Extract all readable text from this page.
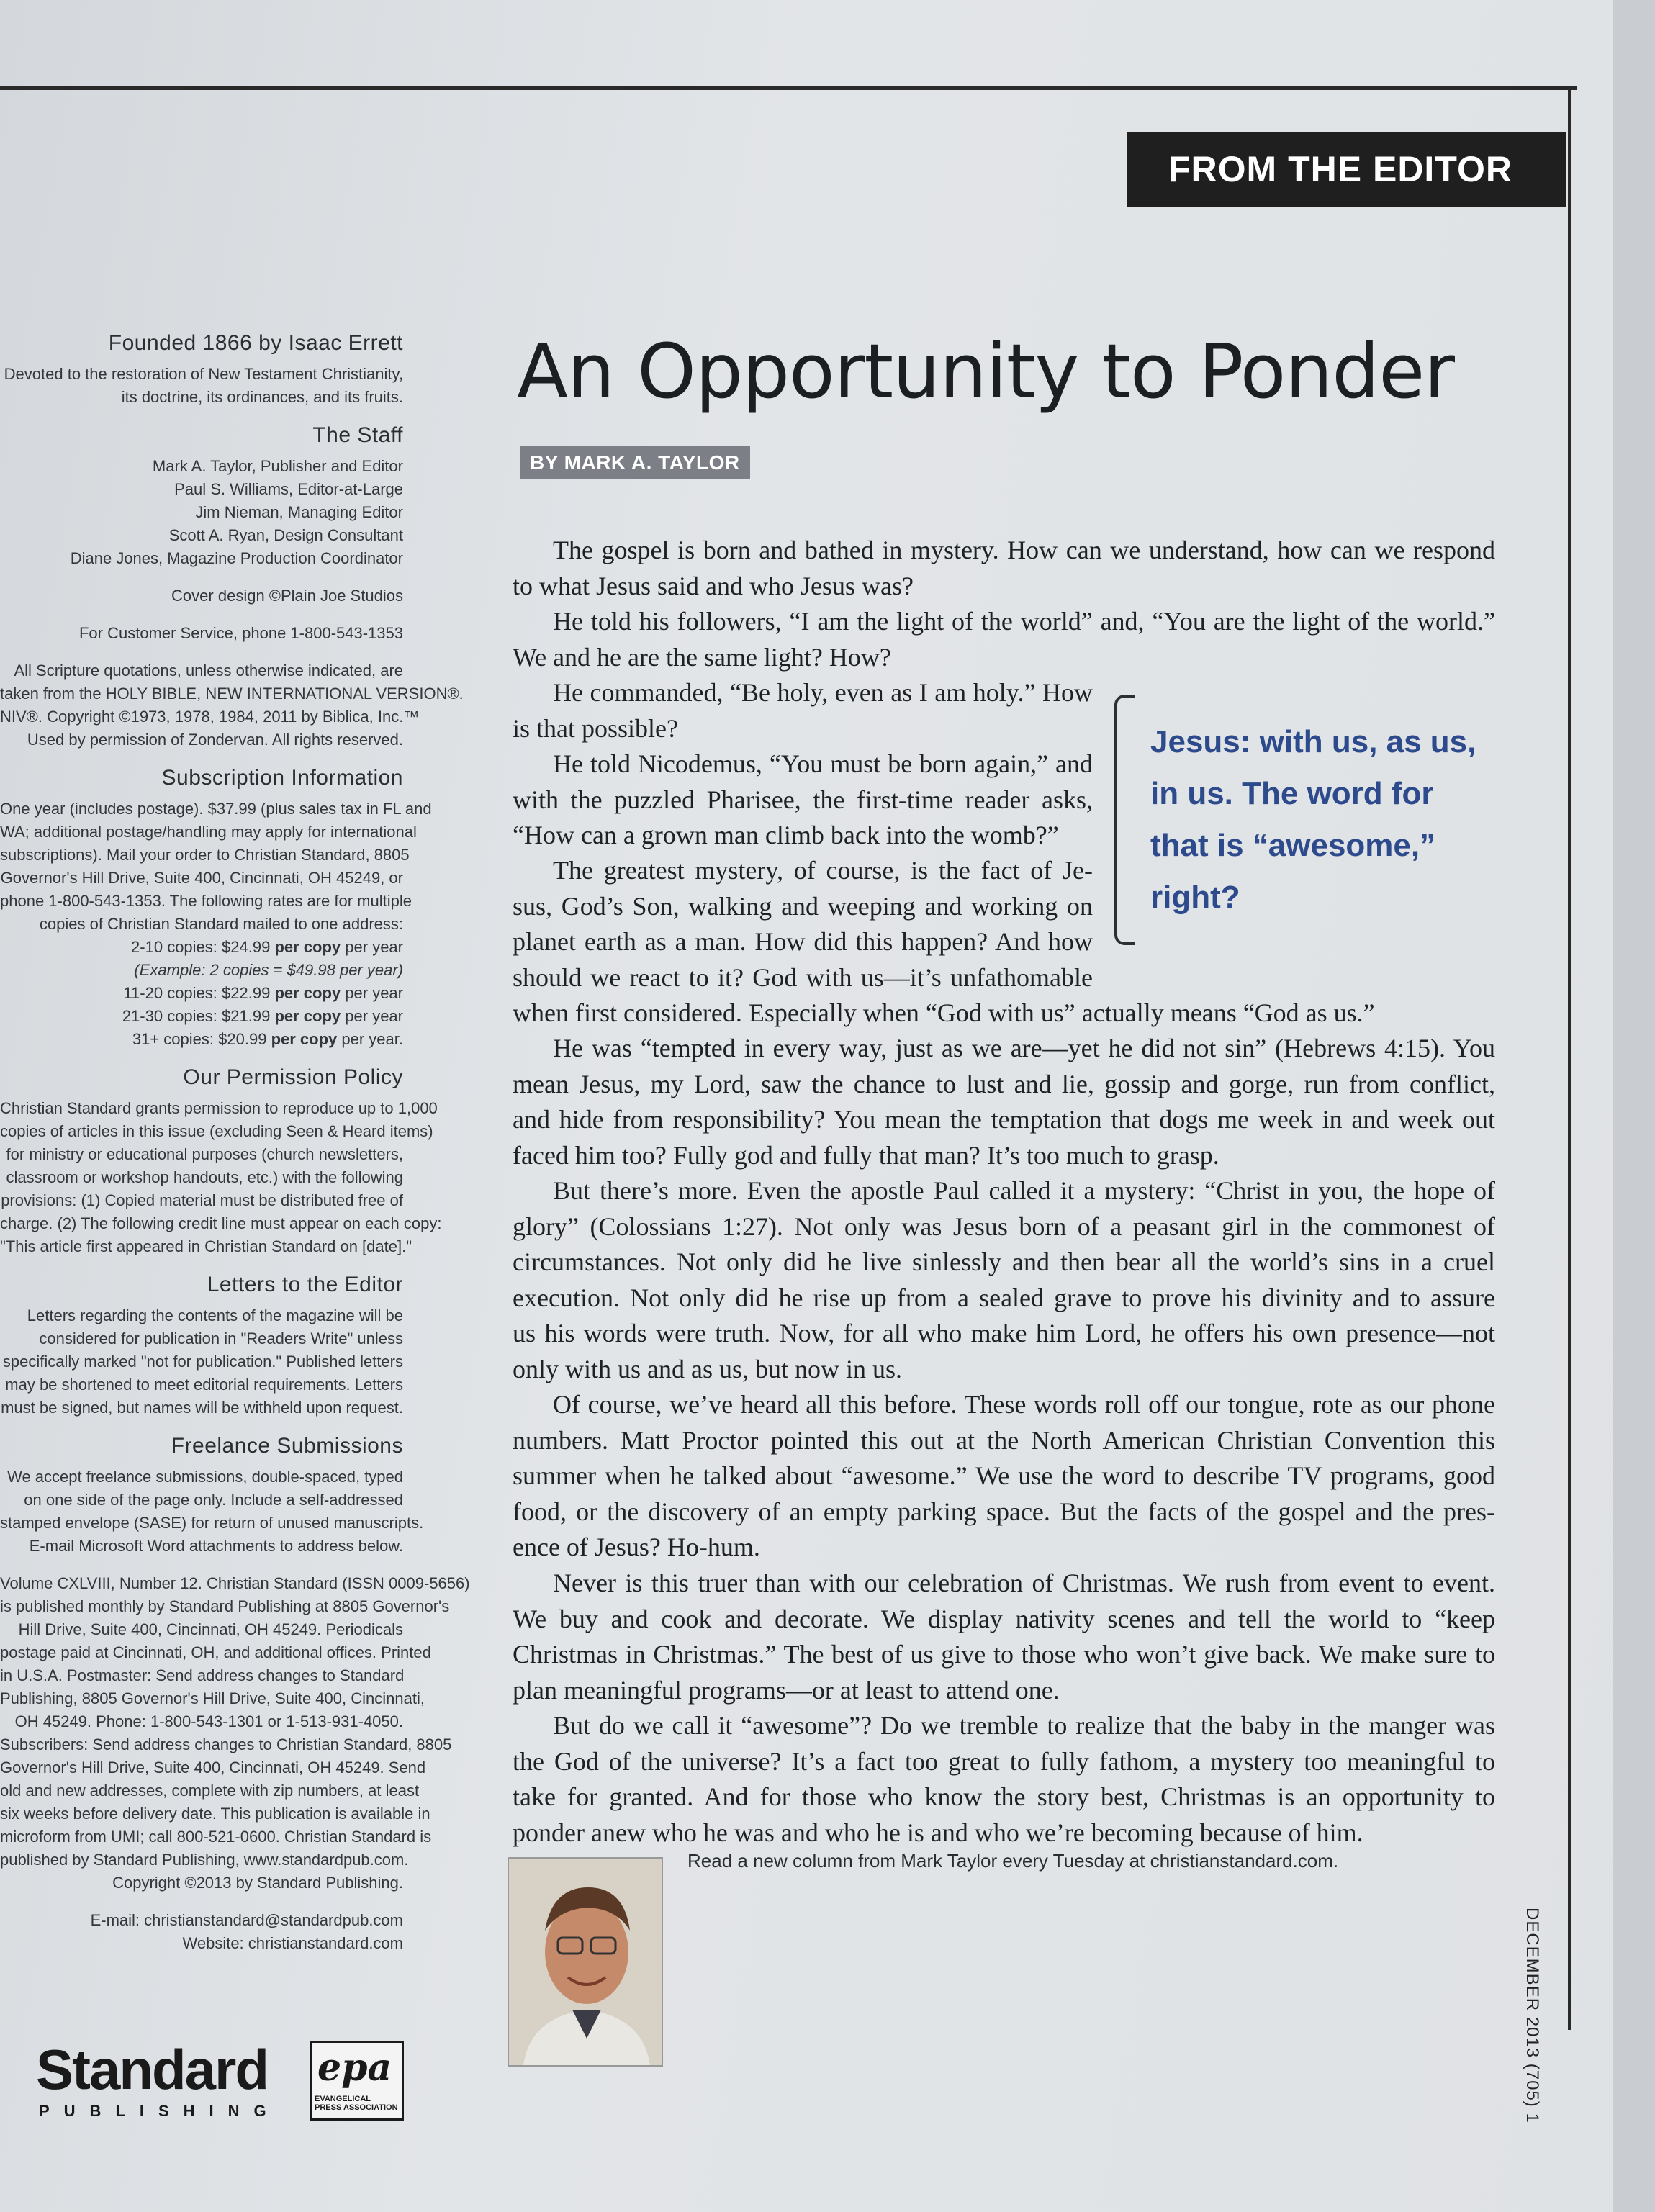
Founded 1866 by Isaac Errett
Devoted to the restoration of New Testament Christianity,
its doctrine, its ordinances, and its fruits.
The Staff
Mark A. Taylor, Publisher and Editor
Paul S. Williams, Editor-at-Large
Jim Nieman, Managing Editor
Scott A. Ryan, Design Consultant
Diane Jones, Magazine Production Coordinator
Cover design ©Plain Joe Studios
For Customer Service, phone 1-800-543-1353
All Scripture quotations, unless otherwise indicated, are
taken from the HOLY BIBLE, NEW INTERNATIONAL VERSION®.
NIV®. Copyright ©1973, 1978, 1984, 2011 by Biblica, Inc.™
Used by permission of Zondervan. All rights reserved.
Subscription Information
One year (includes postage). $37.99 (plus sales tax in FL and
WA; additional postage/handling may apply for international
subscriptions). Mail your order to Christian Standard, 8805
Governor's Hill Drive, Suite 400, Cincinnati, OH 45249, or
phone 1-800-543-1353. The following rates are for multiple
copies of Christian Standard mailed to one address:
2-10 copies: $24.99 per copy per year
(Example: 2 copies = $49.98 per year)
11-20 copies: $22.99 per copy per year
21-30 copies: $21.99 per copy per year
31+ copies: $20.99 per copy per year.
Our Permission Policy
Christian Standard grants permission to reproduce up to 1,000
copies of articles in this issue (excluding Seen & Heard items)
for ministry or educational purposes (church newsletters,
classroom or workshop handouts, etc.) with the following
provisions: (1) Copied material must be distributed free of
charge. (2) The following credit line must appear on each copy:
"This article first appeared in Christian Standard on [date]."
Letters to the Editor
Letters regarding the contents of the magazine will be
considered for publication in "Readers Write" unless
specifically marked "not for publication." Published letters
may be shortened to meet editorial requirements. Letters
must be signed, but names will be withheld upon request.
Freelance Submissions
We accept freelance submissions, double-spaced, typed
on one side of the page only. Include a self-addressed
stamped envelope (SASE) for return of unused manuscripts.
E-mail Microsoft Word attachments to address below.
Volume CXLVIII, Number 12. Christian Standard (ISSN 0009-5656)
is published monthly by Standard Publishing at 8805 Governor's
Hill Drive, Suite 400, Cincinnati, OH 45249. Periodicals
postage paid at Cincinnati, OH, and additional offices. Printed
in U.S.A. Postmaster: Send address changes to Standard
Publishing, 8805 Governor's Hill Drive, Suite 400, Cincinnati,
OH 45249. Phone: 1-800-543-1301 or 1-513-931-4050.
Subscribers: Send address changes to Christian Standard, 8805
Governor's Hill Drive, Suite 400, Cincinnati, OH 45249. Send
old and new addresses, complete with zip numbers, at least
six weeks before delivery date. This publication is available in
microform from UMI; call 800-521-0600. Christian Standard is
published by Standard Publishing, www.standardpub.com.
Copyright ©2013 by Standard Publishing.
E-mail: christianstandard@standardpub.com
Website: christianstandard.com
Standard
PUBLISHING
epa
EVANGELICAL
PRESS ASSOCIATION
FROM THE EDITOR
An Opportunity to Ponder
BY MARK A. TAYLOR
The gospel is born and bathed in mystery. How can we understand, how can we respond
to what Jesus said and who Jesus was?
He told his followers, “I am the light of the world” and, “You are the light of the world.”
We and he are the same light? How?
He commanded, “Be holy, even as I am holy.” How
is that possible?
He told Nicodemus, “You must be born again,” and
with the puzzled Pharisee, the first-time reader asks,
“How can a grown man climb back into the womb?”
The greatest mystery, of course, is the fact of Je-
sus, God’s Son, walking and weeping and working on
planet earth as a man. How did this happen? And how
should we react to it? God with us—it’s unfathomable
when first considered. Especially when “God with us” actually means “God as us.”
He was “tempted in every way, just as we are—yet he did not sin” (Hebrews 4:15). You
mean Jesus, my Lord, saw the chance to lust and lie, gossip and gorge, run from conflict,
and hide from responsibility? You mean the temptation that dogs me week in and week out
faced him too? Fully god and fully that man? It’s too much to grasp.
But there’s more. Even the apostle Paul called it a mystery: “Christ in you, the hope of
glory” (Colossians 1:27). Not only was Jesus born of a peasant girl in the commonest of
circumstances. Not only did he live sinlessly and then bear all the world’s sins in a cruel
execution. Not only did he rise up from a sealed grave to prove his divinity and to assure
us his words were truth. Now, for all who make him Lord, he offers his own presence—not
only with us and as us, but now in us.
Of course, we’ve heard all this before. These words roll off our tongue, rote as our phone
numbers. Matt Proctor pointed this out at the North American Christian Convention this
summer when he talked about “awesome.” We use the word to describe TV programs, good
food, or the discovery of an empty parking space. But the facts of the gospel and the pres-
ence of Jesus? Ho-hum.
Never is this truer than with our celebration of Christmas. We rush from event to event.
We buy and cook and decorate. We display nativity scenes and tell the world to “keep
Christmas in Christmas.” The best of us give to those who won’t give back. We make sure to
plan meaningful programs—or at least to attend one.
But do we call it “awesome”? Do we tremble to realize that the baby in the manger was
the God of the universe? It’s a fact too great to fully fathom, a mystery too meaningful to
take for granted. And for those who know the story best, Christmas is an opportunity to
ponder anew who he was and who he is and who we’re becoming because of him.
Jesus: with us, as us,
in us. The word for
that is “awesome,”
right?
Read a new column from Mark Taylor every Tuesday at christianstandard.com.
DECEMBER 2013 (705) 1
